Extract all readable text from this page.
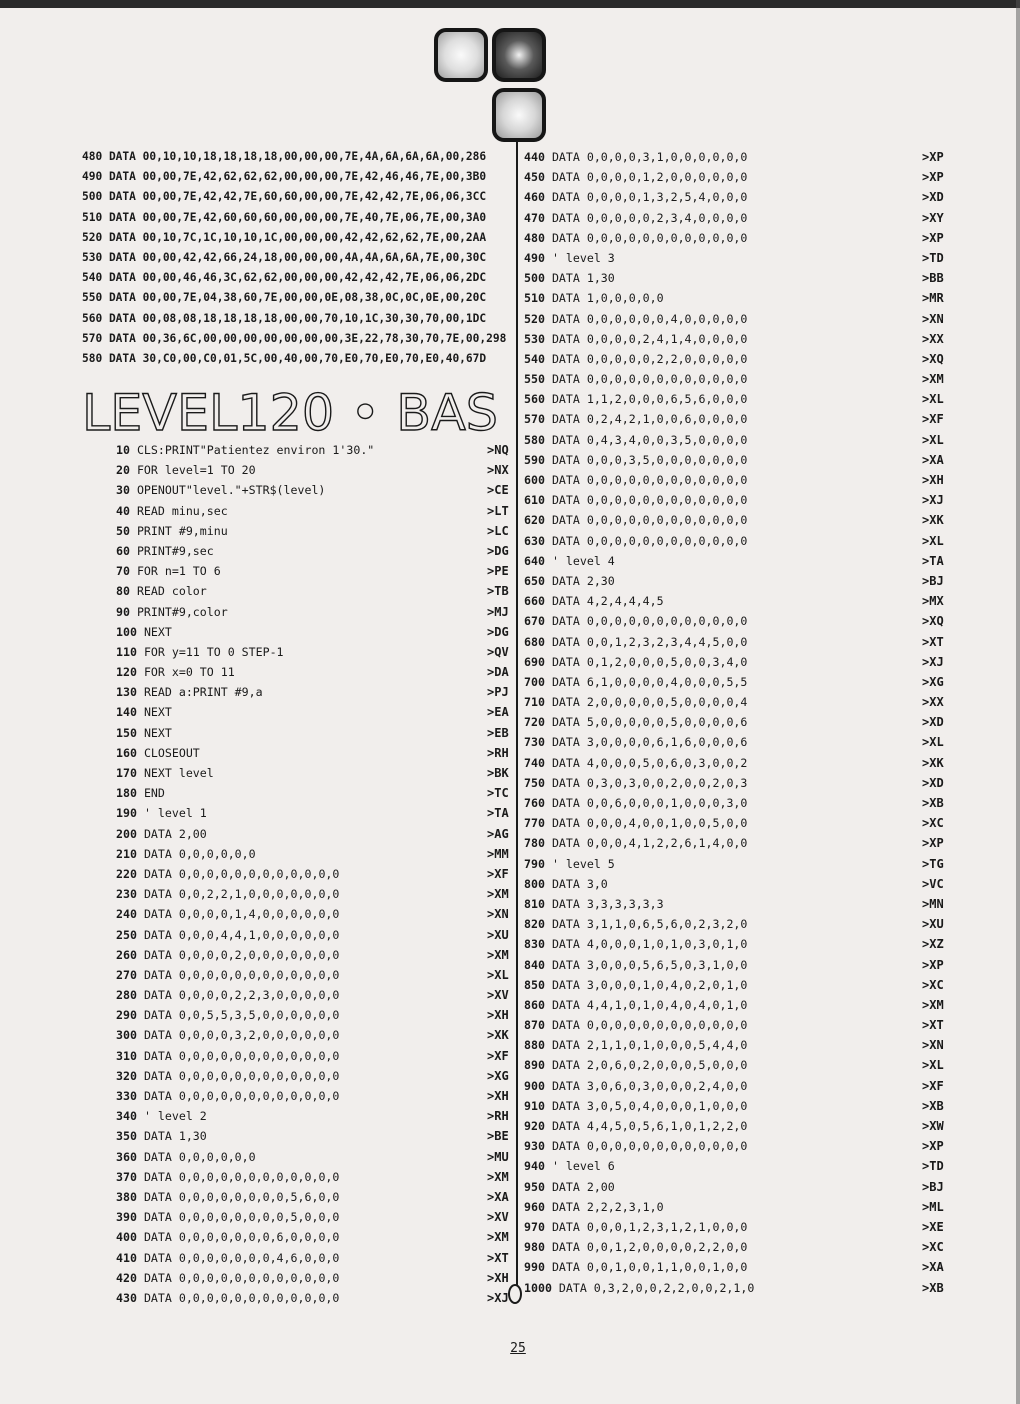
480 DATA 00,10,10,18,18,18,18,00,00,00,7E,4A,6A,6A,6A,00,286
490 DATA 00,00,7E,42,62,62,62,00,00,00,7E,42,46,46,7E,00,3B0
500 DATA 00,00,7E,42,42,7E,60,60,00,00,7E,42,42,7E,06,06,3CC
510 DATA 00,00,7E,42,60,60,60,00,00,00,7E,40,7E,06,7E,00,3A0
520 DATA 00,10,7C,1C,10,10,1C,00,00,00,42,42,62,62,7E,00,2AA
530 DATA 00,00,42,42,66,24,18,00,00,00,4A,4A,6A,6A,7E,00,30C
540 DATA 00,00,46,46,3C,62,62,00,00,00,42,42,42,7E,06,06,2DC
550 DATA 00,00,7E,04,38,60,7E,00,00,0E,08,38,0C,0C,0E,00,20C
560 DATA 00,08,08,18,18,18,18,00,00,70,10,1C,30,30,70,00,1DC
570 DATA 00,36,6C,00,00,00,00,00,00,00,3E,22,78,30,70,7E,00,298
580 DATA 30,C0,00,C0,01,5C,00,40,00,70,E0,70,E0,70,E0,40,67D
LEVEL120 • BAS
10 CLS:PRINT"Patientez environ 1'30."	>NQ
20 FOR level=1 TO 20	>NX
30 OPENOUT"level."+STR$(level)	>CE
40 READ minu,sec	>LT
50 PRINT #9,minu	>LC
60 PRINT#9,sec	>DG
70 FOR n=1 TO 6	>PE
80 READ color	>TB
90 PRINT#9,color	>MJ
100 NEXT	>DG
110 FOR y=11 TO 0 STEP-1	>QV
120 FOR x=0 TO 11	>DA
130 READ a:PRINT #9,a	>PJ
140 NEXT	>EA
150 NEXT	>EB
160 CLOSEOUT	>RH
170 NEXT level	>BK
180 END	>TC
190 ' level 1	>TA
200 DATA 2,00	>AG
210 DATA 0,0,0,0,0,0	>MM
220 DATA 0,0,0,0,0,0,0,0,0,0,0,0	>XF
230 DATA 0,0,2,2,1,0,0,0,0,0,0,0	>XM
240 DATA 0,0,0,0,1,4,0,0,0,0,0,0	>XN
250 DATA 0,0,0,4,4,1,0,0,0,0,0,0	>XU
260 DATA 0,0,0,0,2,0,0,0,0,0,0,0	>XM
270 DATA 0,0,0,0,0,0,0,0,0,0,0,0	>XL
280 DATA 0,0,0,0,2,2,3,0,0,0,0,0	>XV
290 DATA 0,0,5,5,3,5,0,0,0,0,0,0	>XH
300 DATA 0,0,0,0,3,2,0,0,0,0,0,0	>XK
310 DATA 0,0,0,0,0,0,0,0,0,0,0,0	>XF
320 DATA 0,0,0,0,0,0,0,0,0,0,0,0	>XG
330 DATA 0,0,0,0,0,0,0,0,0,0,0,0	>XH
340 ' level 2	>RH
350 DATA 1,30	>BE
360 DATA 0,0,0,0,0,0	>MU
370 DATA 0,0,0,0,0,0,0,0,0,0,0,0	>XM
380 DATA 0,0,0,0,0,0,0,0,5,6,0,0	>XA
390 DATA 0,0,0,0,0,0,0,0,5,0,0,0	>XV
400 DATA 0,0,0,0,0,0,0,6,0,0,0,0	>XM
410 DATA 0,0,0,0,0,0,0,4,6,0,0,0	>XT
420 DATA 0,0,0,0,0,0,0,0,0,0,0,0	>XH
430 DATA 0,0,0,0,0,0,0,0,0,0,0,0	>XJ
440 DATA 0,0,0,0,3,1,0,0,0,0,0,0	>XP
450 DATA 0,0,0,0,1,2,0,0,0,0,0,0	>XP
460 DATA 0,0,0,0,1,3,2,5,4,0,0,0	>XD
470 DATA 0,0,0,0,0,2,3,4,0,0,0,0	>XY
480 DATA 0,0,0,0,0,0,0,0,0,0,0,0	>XP
490 ' level 3	>TD
500 DATA 1,30	>BB
510 DATA 1,0,0,0,0,0	>MR
520 DATA 0,0,0,0,0,0,4,0,0,0,0,0	>XN
530 DATA 0,0,0,0,2,4,1,4,0,0,0,0	>XX
540 DATA 0,0,0,0,0,2,2,0,0,0,0,0	>XQ
550 DATA 0,0,0,0,0,0,0,0,0,0,0,0	>XM
560 DATA 1,1,2,0,0,0,6,5,6,0,0,0	>XL
570 DATA 0,2,4,2,1,0,0,6,0,0,0,0	>XF
580 DATA 0,4,3,4,0,0,3,5,0,0,0,0	>XL
590 DATA 0,0,0,3,5,0,0,0,0,0,0,0	>XA
600 DATA 0,0,0,0,0,0,0,0,0,0,0,0	>XH
610 DATA 0,0,0,0,0,0,0,0,0,0,0,0	>XJ
620 DATA 0,0,0,0,0,0,0,0,0,0,0,0	>XK
630 DATA 0,0,0,0,0,0,0,0,0,0,0,0	>XL
640 ' level 4	>TA
650 DATA 2,30	>BJ
660 DATA 4,2,4,4,4,5	>MX
670 DATA 0,0,0,0,0,0,0,0,0,0,0,0	>XQ
680 DATA 0,0,1,2,3,2,3,4,4,5,0,0	>XT
690 DATA 0,1,2,0,0,0,5,0,0,3,4,0	>XJ
700 DATA 6,1,0,0,0,0,4,0,0,0,5,5	>XG
710 DATA 2,0,0,0,0,0,5,0,0,0,0,4	>XX
720 DATA 5,0,0,0,0,0,5,0,0,0,0,6	>XD
730 DATA 3,0,0,0,0,6,1,6,0,0,0,6	>XL
740 DATA 4,0,0,0,5,0,6,0,3,0,0,2	>XK
750 DATA 0,3,0,3,0,0,2,0,0,2,0,3	>XD
760 DATA 0,0,6,0,0,0,1,0,0,0,3,0	>XB
770 DATA 0,0,0,4,0,0,1,0,0,5,0,0	>XC
780 DATA 0,0,0,4,1,2,2,6,1,4,0,0	>XP
790 ' level 5	>TG
800 DATA 3,0	>VC
810 DATA 3,3,3,3,3,3	>MN
820 DATA 3,1,1,0,6,5,6,0,2,3,2,0	>XU
830 DATA 4,0,0,0,1,0,1,0,3,0,1,0	>XZ
840 DATA 3,0,0,0,5,6,5,0,3,1,0,0	>XP
850 DATA 3,0,0,0,1,0,4,0,2,0,1,0	>XC
860 DATA 4,4,1,0,1,0,4,0,4,0,1,0	>XM
870 DATA 0,0,0,0,0,0,0,0,0,0,0,0	>XT
880 DATA 2,1,1,0,1,0,0,0,5,4,4,0	>XN
890 DATA 2,0,6,0,2,0,0,0,5,0,0,0	>XL
900 DATA 3,0,6,0,3,0,0,0,2,4,0,0	>XF
910 DATA 3,0,5,0,4,0,0,0,1,0,0,0	>XB
920 DATA 4,4,5,0,5,6,1,0,1,2,2,0	>XW
930 DATA 0,0,0,0,0,0,0,0,0,0,0,0	>XP
940 ' level 6	>TD
950 DATA 2,00	>BJ
960 DATA 2,2,2,3,1,0	>ML
970 DATA 0,0,0,1,2,3,1,2,1,0,0,0	>XE
980 DATA 0,0,1,2,0,0,0,0,2,2,0,0	>XC
990 DATA 0,0,1,0,0,1,1,0,0,1,0,0	>XA
1000 DATA 0,3,2,0,0,2,2,0,0,2,1,0	>XB
25
